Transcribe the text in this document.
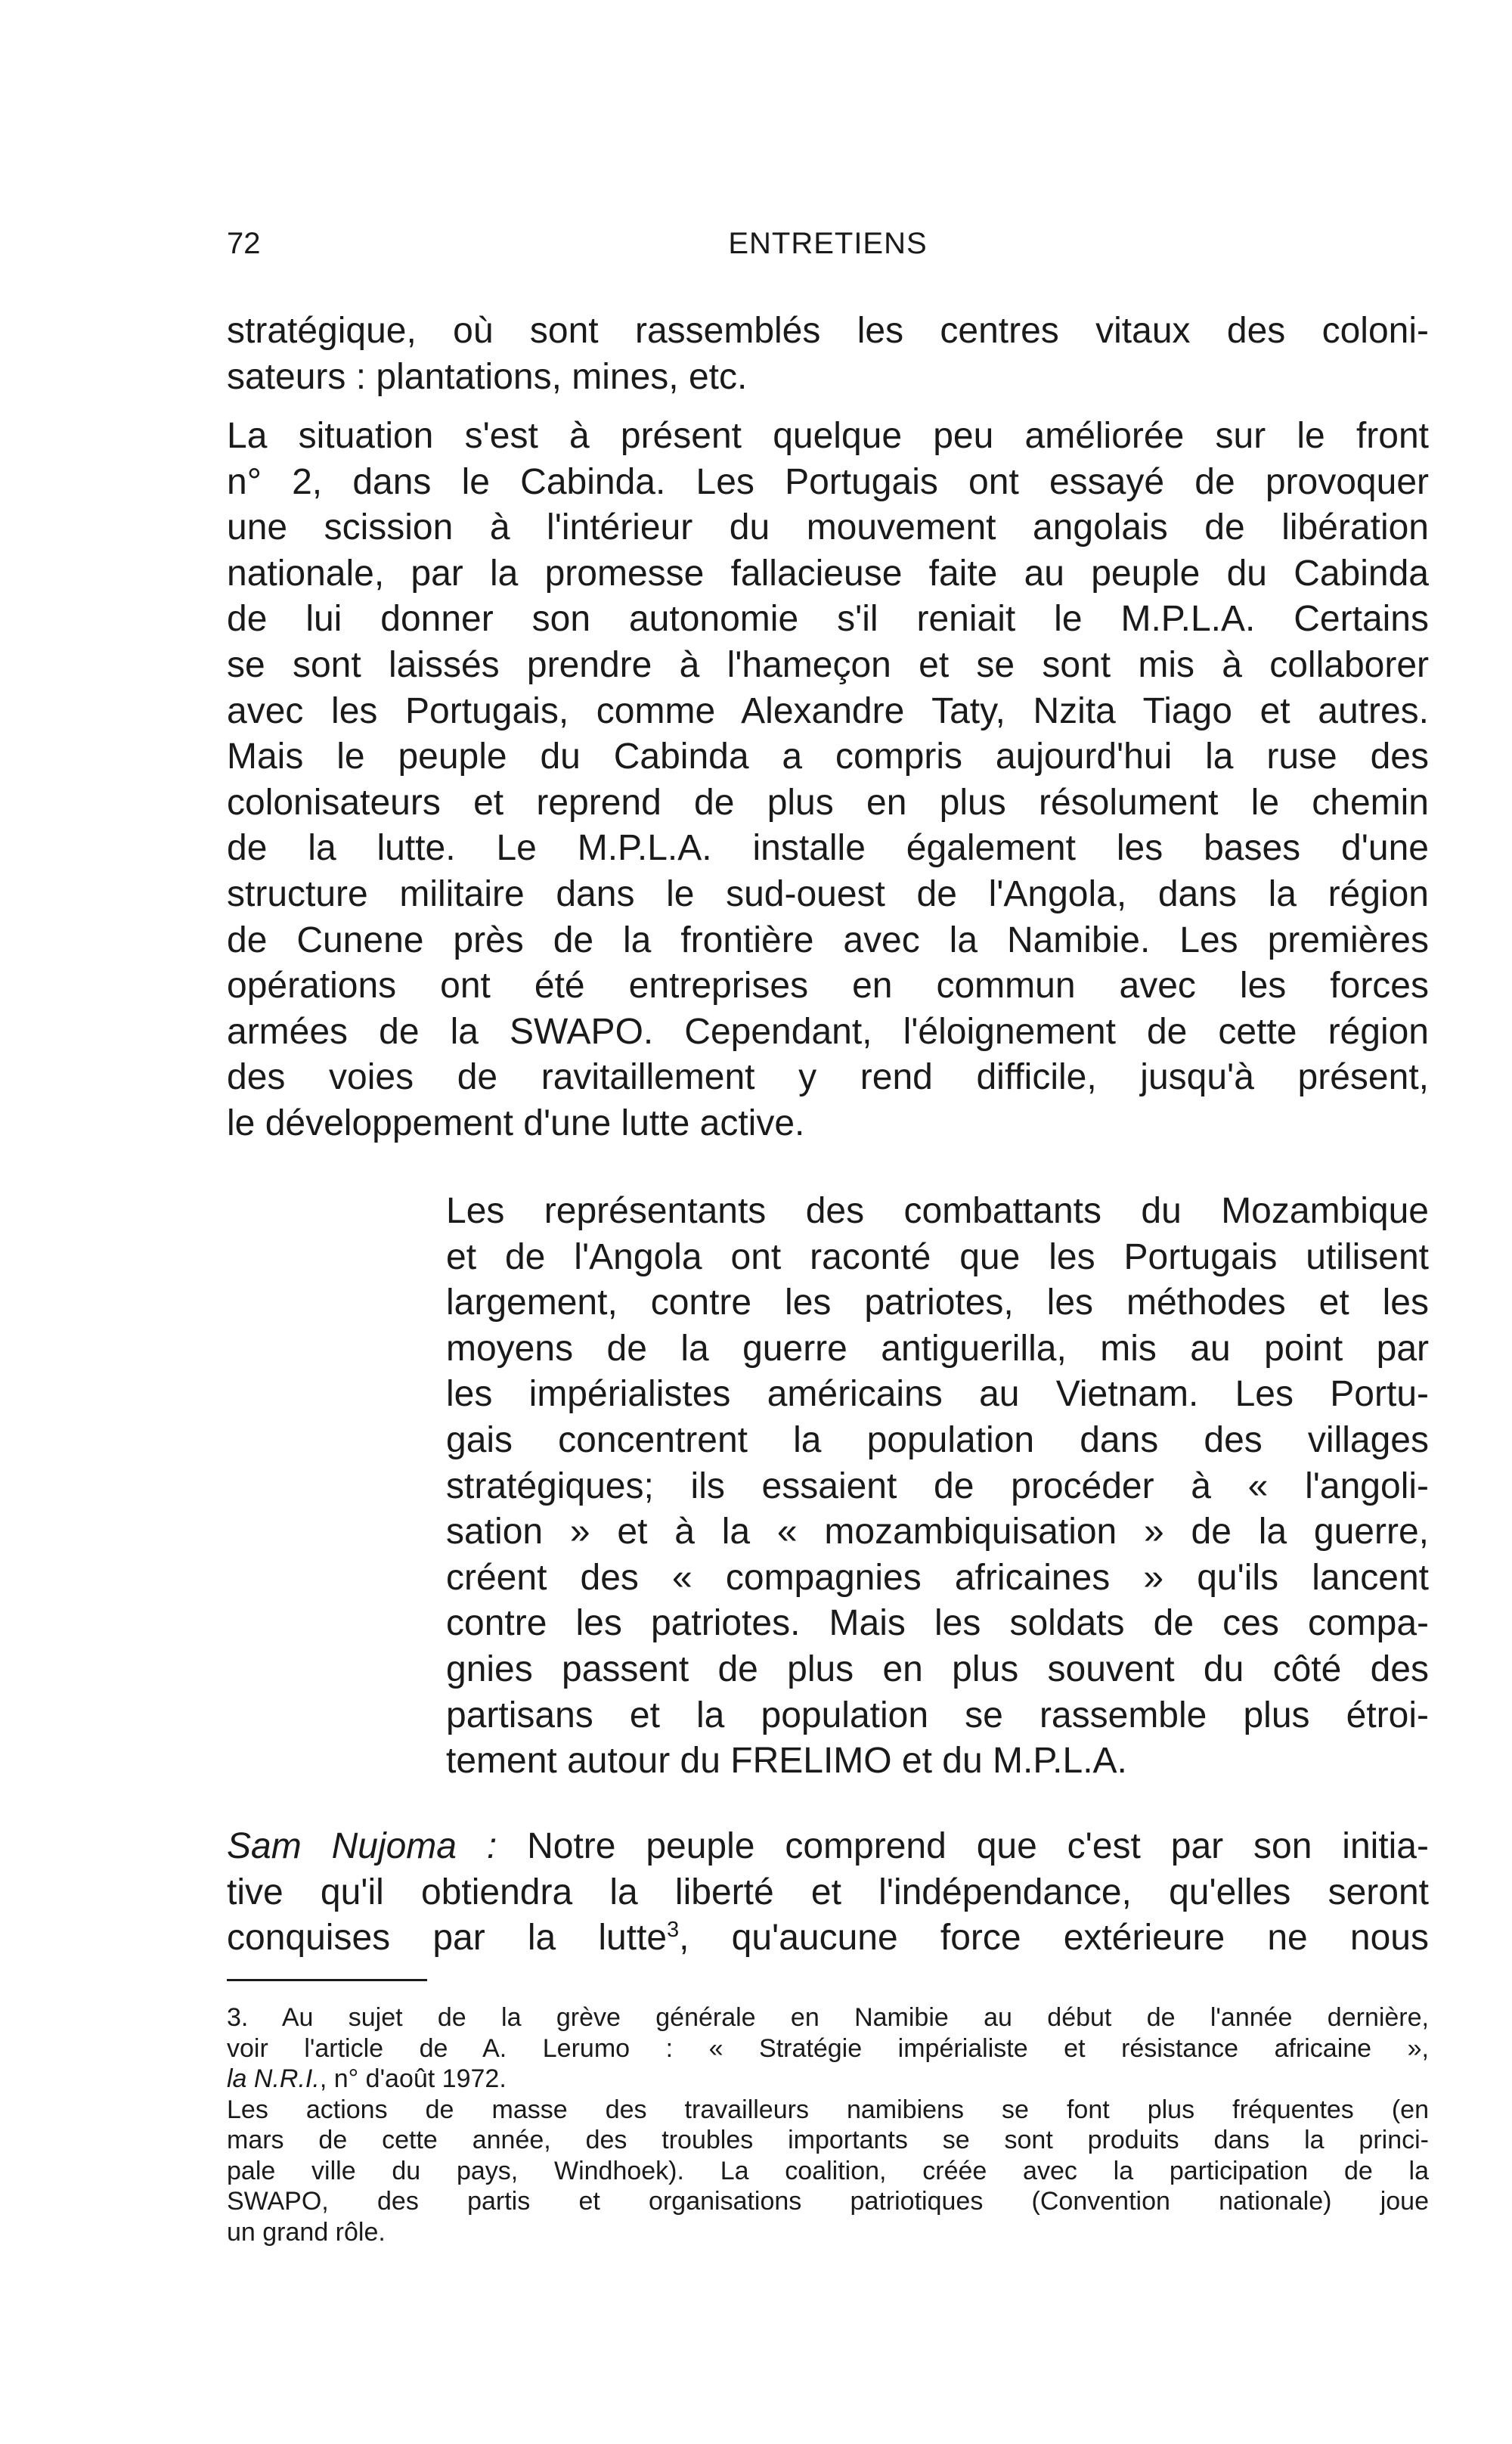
72	ENTRETIENS
stratégique, où sont rassemblés les centres vitaux des coloni-
sateurs : plantations, mines, etc.
La situation s'est à présent quelque peu améliorée sur le front
n° 2, dans le Cabinda. Les Portugais ont essayé de provoquer
une scission à l'intérieur du mouvement angolais de libération
nationale, par la promesse fallacieuse faite au peuple du Cabinda
de lui donner son autonomie s'il reniait le M.P.L.A. Certains
se sont laissés prendre à l'hameçon et se sont mis à collaborer
avec les Portugais, comme Alexandre Taty, Nzita Tiago et autres.
Mais le peuple du Cabinda a compris aujourd'hui la ruse des
colonisateurs et reprend de plus en plus résolument le chemin
de la lutte. Le M.P.L.A. installe également les bases d'une
structure militaire dans le sud-ouest de l'Angola, dans la région
de Cunene près de la frontière avec la Namibie. Les premières
opérations ont été entreprises en commun avec les forces
armées de la SWAPO. Cependant, l'éloignement de cette région
des voies de ravitaillement y rend difficile, jusqu'à présent,
le développement d'une lutte active.
Les représentants des combattants du Mozambique
et de l'Angola ont raconté que les Portugais utilisent
largement, contre les patriotes, les méthodes et les
moyens de la guerre antiguerilla, mis au point par
les impérialistes américains au Vietnam. Les Portu-
gais concentrent la population dans des villages
stratégiques; ils essaient de procéder à « l'angoli-
sation » et à la « mozambiquisation » de la guerre,
créent des « compagnies africaines » qu'ils lancent
contre les patriotes. Mais les soldats de ces compa-
gnies passent de plus en plus souvent du côté des
partisans et la population se rassemble plus étroi-
tement autour du FRELIMO et du M.P.L.A.
Sam Nujoma : Notre peuple comprend que c'est par son initia-
tive qu'il obtiendra la liberté et l'indépendance, qu'elles seront
conquises par la lutte$^3$, qu'aucune force extérieure ne nous
3. Au sujet de la grève générale en Namibie au début de l'année dernière,
voir l'article de A. Lerumo : « Stratégie impérialiste et résistance africaine »,
la N.R.I., n° d'août 1972.
Les actions de masse des travailleurs namibiens se font plus fréquentes (en
mars de cette année, des troubles importants se sont produits dans la princi-
pale ville du pays, Windhoek). La coalition, créée avec la participation de la
SWAPO, des partis et organisations patriotiques (Convention nationale) joue
un grand rôle.
